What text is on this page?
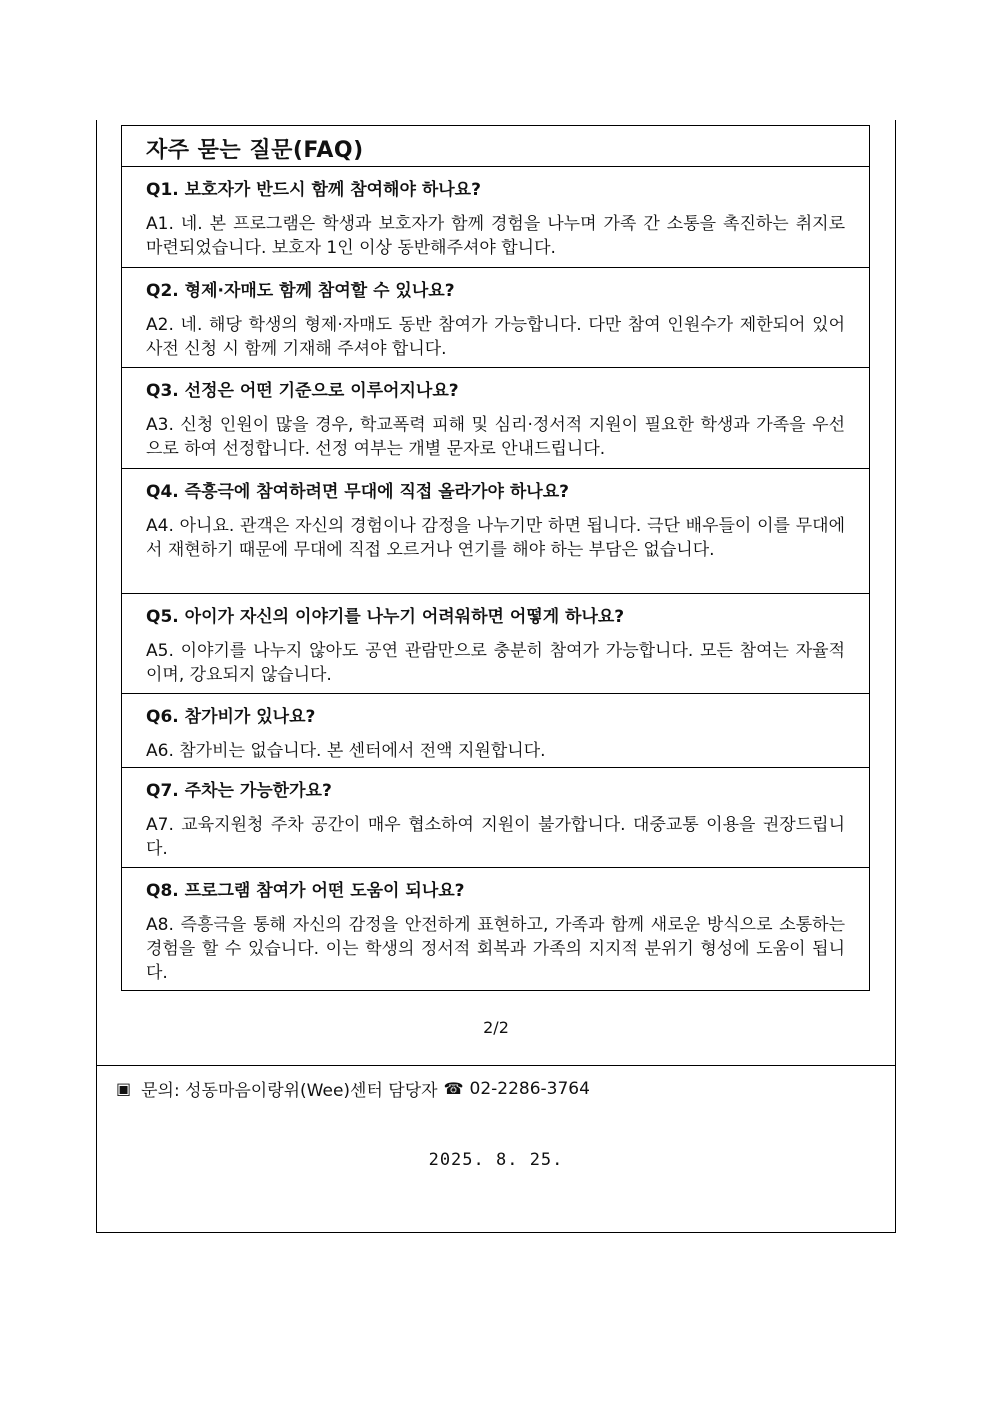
자주 묻는 질문(FAQ)

Q1. 보호자가 반드시 함께 참여해야 하나요?

A1. 네. 본 프로그램은 학생과 보호자가 함께 경험을 나누며 가족 간 소통을 촉진하는 취지로 마련되었습니다. 보호자 1인 이상 동반해주셔야 합니다.

Q2. 형제·자매도 함께 참여할 수 있나요?

A2. 네. 해당 학생의 형제·자매도 동반 참여가 가능합니다. 다만 참여 인원수가 제한되어 있어 사전 신청 시 함께 기재해 주셔야 합니다.

Q3. 선정은 어떤 기준으로 이루어지나요?

A3. 신청 인원이 많을 경우, 학교폭력 피해 및 심리·정서적 지원이 필요한 학생과 가족을 우선으로 하여 선정합니다. 선정 여부는 개별 문자로 안내드립니다.

Q4. 즉흥극에 참여하려면 무대에 직접 올라가야 하나요?

A4. 아니요. 관객은 자신의 경험이나 감정을 나누기만 하면 됩니다. 극단 배우들이 이를 무대에서 재현하기 때문에 무대에 직접 오르거나 연기를 해야 하는 부담은 없습니다.

Q5. 아이가 자신의 이야기를 나누기 어려워하면 어떻게 하나요?

A5. 이야기를 나누지 않아도 공연 관람만으로 충분히 참여가 가능합니다. 모든 참여는 자율적이며, 강요되지 않습니다.

Q6. 참가비가 있나요?

A6. 참가비는 없습니다. 본 센터에서 전액 지원합니다.

Q7. 주차는 가능한가요?

A7. 교육지원청 주차 공간이 매우 협소하여 지원이 불가합니다. 대중교통 이용을 권장드립니다.

Q8. 프로그램 참여가 어떤 도움이 되나요?

A8. 즉흥극을 통해 자신의 감정을 안전하게 표현하고, 가족과 함께 새로운 방식으로 소통하는 경험을 할 수 있습니다. 이는 학생의 정서적 회복과 가족의 지지적 분위기 형성에 도움이 됩니다.

2/2
▣ 문의: 성동마음이랑위(Wee)센터 담당자 ☎ 02-2286-3764
2025. 8. 25.
